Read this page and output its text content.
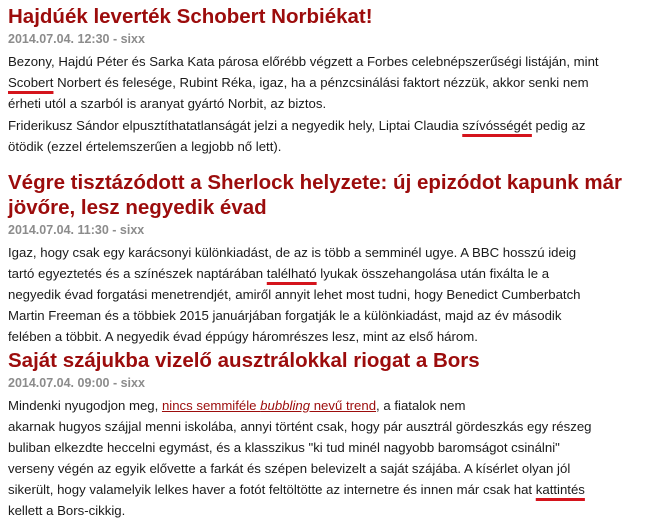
Hajdúék leverték Schobert Norbiékat!
2014.07.04. 12:30 - sixx
Bezony, Hajdú Péter és Sarka Kata párosa előrébb végzett a Forbes celebnépszerűségi listáján, mint
Scobert Norbert és felesége, Rubint Réka, igaz, ha a pénzcsinálási faktort nézzük, akkor senki nem
érheti utól a szarból is aranyat gyártó Norbit, az biztos.
Friderikusz Sándor elpusztíthatatlanságát jelzi a negyedik hely, Liptai Claudia szívósségét pedig az
ötödik (ezzel értelemszerűen a legjobb nő lett).
Végre tisztázódott a Sherlock helyzete: új epizódot kapunk már
jövőre, lesz negyedik évad
2014.07.04. 11:30 - sixx
Igaz, hogy csak egy karácsonyi különkiadást, de az is több a semminél ugye. A BBC hosszú ideig
tartó egyeztetés és a színészek naptárában talélható lyukak összehangolása után fixálta le a
negyedik évad forgatási menetrendjét, amiről annyit lehet most tudni, hogy Benedict Cumberbatch
Martin Freeman és a többiek 2015 januárjában forgatják le a különkiadást, majd az év második
felében a többit. A negyedik évad éppúgy háromrészes lesz, mint az első három.
Saját szájukba vizelő ausztrálokkal riogat a Bors
2014.07.04. 09:00 - sixx
Mindenki nyugodjon meg, nincs semmiféle bubbling nevű trend, a fiatalok nem
akarnak hugyos szájjal menni iskolába, annyi történt csak, hogy pár ausztrál gördeszkás egy részeg
buliban elkezdte heccelni egymást, és a klasszikus "ki tud minél nagyobb baromságot csinálni"
verseny végén az egyik elővette a farkát és szépen belevizelt a saját szájába. A kísérlet olyan jól
sikerült, hogy valamelyik lelkes haver a fotót feltöltötte az internetre és innen már csak hat kattintés
kellett a Bors-cikkig.
